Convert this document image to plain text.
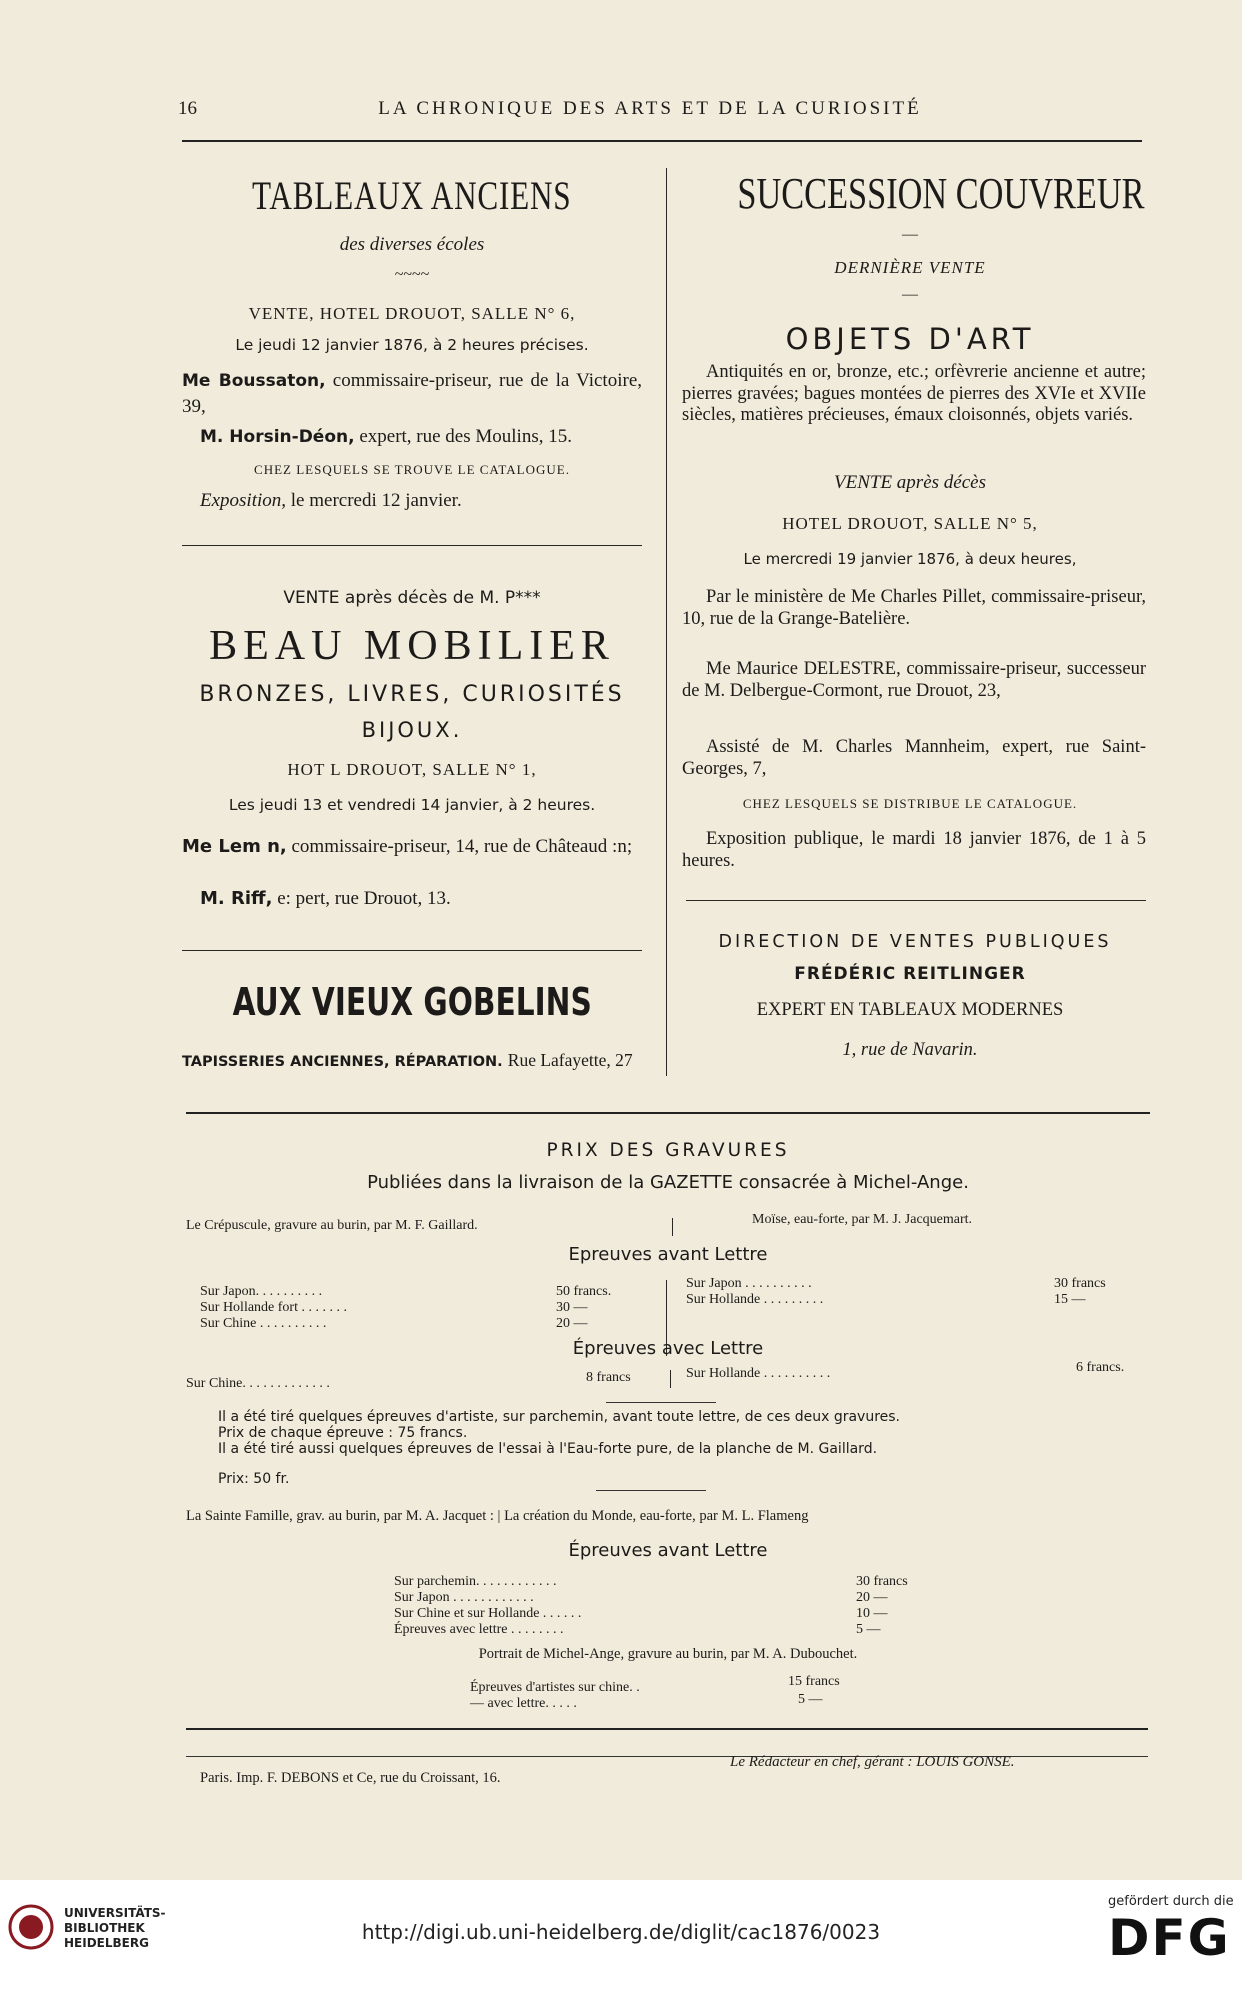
16	LA CHRONIQUE DES ARTS ET DE LA CURIOSITÉ
TABLEAUX ANCIENS
des diverses écoles
~~~~
VENTE, HOTEL DROUOT, SALLE N° 6,
Le jeudi 12 janvier 1876, à 2 heures précises.
Me Boussaton, commissaire-priseur, rue de la Victoire, 39,
M. Horsin-Déon, expert, rue des Moulins, 15.
CHEZ LESQUELS SE TROUVE LE CATALOGUE.
Exposition, le mercredi 12 janvier.
VENTE après décès de M. P***
BEAU MOBILIER
BRONZES, LIVRES, CURIOSITÉS
BIJOUX.
HOT L DROUOT, SALLE N° 1,
Les jeudi 13 et vendredi 14 janvier, à 2 heures.
Me Lem n, commissaire-priseur, 14, rue de Châteaud :n;
M. Riff, e: pert, rue Drouot, 13.
AUX VIEUX GOBELINS
TAPISSERIES ANCIENNES, RÉPARATION. Rue Lafayette, 27
SUCCESSION COUVREUR
—
DERNIÈRE VENTE
—
OBJETS D'ART
Antiquités en or, bronze, etc.; orfèvrerie ancienne et autre; pierres gravées; bagues montées de pierres des XVIe et XVIIe siècles, matières précieuses, émaux cloisonnés, objets variés.
VENTE après décès
HOTEL DROUOT, SALLE N° 5,
Le mercredi 19 janvier 1876, à deux heures,
Par le ministère de Me Charles Pillet, commissaire-priseur, 10, rue de la Grange-Batelière.
Me Maurice DELESTRE, commissaire-priseur, successeur de M. Delbergue-Cormont, rue Drouot, 23,
Assisté de M. Charles Mannheim, expert, rue Saint-Georges, 7,
CHEZ LESQUELS SE DISTRIBUE LE CATALOGUE.
Exposition publique, le mardi 18 janvier 1876, de 1 à 5 heures.
DIRECTION DE VENTES PUBLIQUES
FRÉDÉRIC REITLINGER
EXPERT EN TABLEAUX MODERNES
1, rue de Navarin.
PRIX DES GRAVURES
Publiées dans la livraison de la GAZETTE consacrée à Michel-Ange.
Le Crépuscule, gravure au burin, par M. F. Gaillard.	Moïse, eau-forte, par M. J. Jacquemart.
Epreuves avant Lettre
Sur Japon. . . . . . . . . .	50 francs.
Sur Hollande fort . . . . . . .	30 —
Sur Chine . . . . . . . . . .	20 —
Sur Japon . . . . . . . . . .	30 francs
Sur Hollande . . . . . . . . .	15 —
Épreuves avec Lettre
Sur Chine. . . . . . . . . . . . .	8 francs	Sur Hollande . . . . . . . . . .	6 francs.
Il a été tiré quelques épreuves d'artiste, sur parchemin, avant toute lettre, de ces deux gravures.
Prix de chaque épreuve : 75 francs.
Il a été tiré aussi quelques épreuves de l'essai à l'Eau-forte pure, de la planche de M. Gaillard.
Prix: 50 fr.
La Sainte Famille, grav. au burin, par M. A. Jacquet : | La création du Monde, eau-forte, par M. L. Flameng
Épreuves avant Lettre
Sur parchemin. . . . . . . . . . . .	30 francs
Sur Japon . . . . . . . . . . . .	20 —
Sur Chine et sur Hollande . . . . . .	10 —
Épreuves avec lettre . . . . . . . .	5 —
Portrait de Michel-Ange, gravure au burin, par M. A. Dubouchet.
Épreuves d'artistes sur chine. .	15 francs
— avec lettre. . . . .	5 —
Paris. Imp. F. DEBONS et Ce, rue du Croissant, 16.
Le Rédacteur en chef, gérant : LOUIS GONSE.
UNIVERSITÄTS-
BIBLIOTHEK
HEIDELBERG	http://digi.ub.uni-heidelberg.de/diglit/cac1876/0023
gefördert durch die
DFG
